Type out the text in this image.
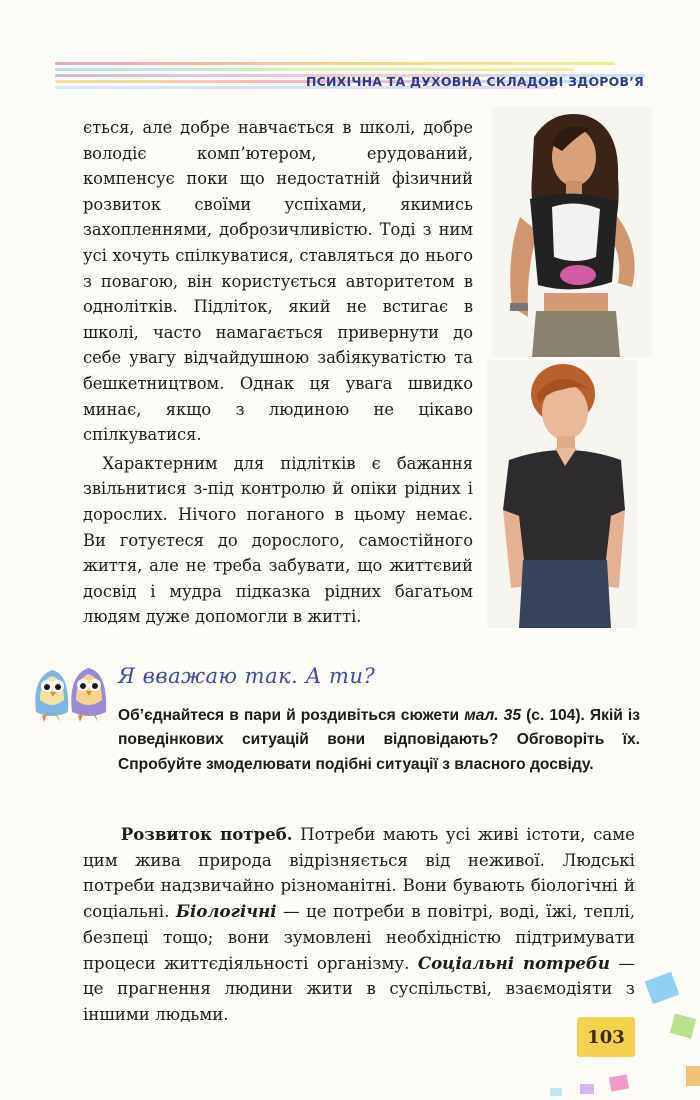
ПСИХІЧНА ТА ДУХОВНА СКЛАДОВІ ЗДОРОВ’Я

ється, але добре навчається в школі, добре володіє комп’ютером, ерудований, компенсує поки що недостатній фізичний розвиток своїми успіхами, якимись захопленнями, доброзичливістю. Тоді з ним усі хочуть спілкуватися, ставляться до нього з повагою, він користується авторитетом в однолітків. Підліток, який не встигає в школі, часто намагається привернути до себе увагу відчайдушною забіякуватістю та бешкетництвом. Однак ця увага швидко минає, якщо з людиною не цікаво спілкуватися.

Характерним для підлітків є бажання звільнитися з-під контролю й опіки рідних і дорослих. Нічого поганого в цьому немає. Ви готуєтеся до дорослого, самостійного життя, але не треба забувати, що життєвий досвід і мудра підказка рідних багатьом людям дуже допомогли в житті.

Я вважаю так. А ти?
Об’єднайтеся в пари й роздивіться сюжети мал. 35 (с. 104). Якій із поведінкових ситуацій вони відповідають? Обговоріть їх. Спробуйте змоделювати подібні ситуації з власного досвіду.
Розвиток потреб. Потреби мають усі живі істоти, саме цим жива природа відрізняється від неживої. Людські потреби надзвичайно різноманітні. Вони бувають біологічні й соціальні. Біологічні — це потреби в повітрі, воді, їжі, теплі, безпеці тощо; вони зумовлені необхідністю підтримувати процеси життєдіяльності організму. Соціальні потреби — це прагнення людини жити в суспільстві, взаємодіяти з іншими людьми.
103
